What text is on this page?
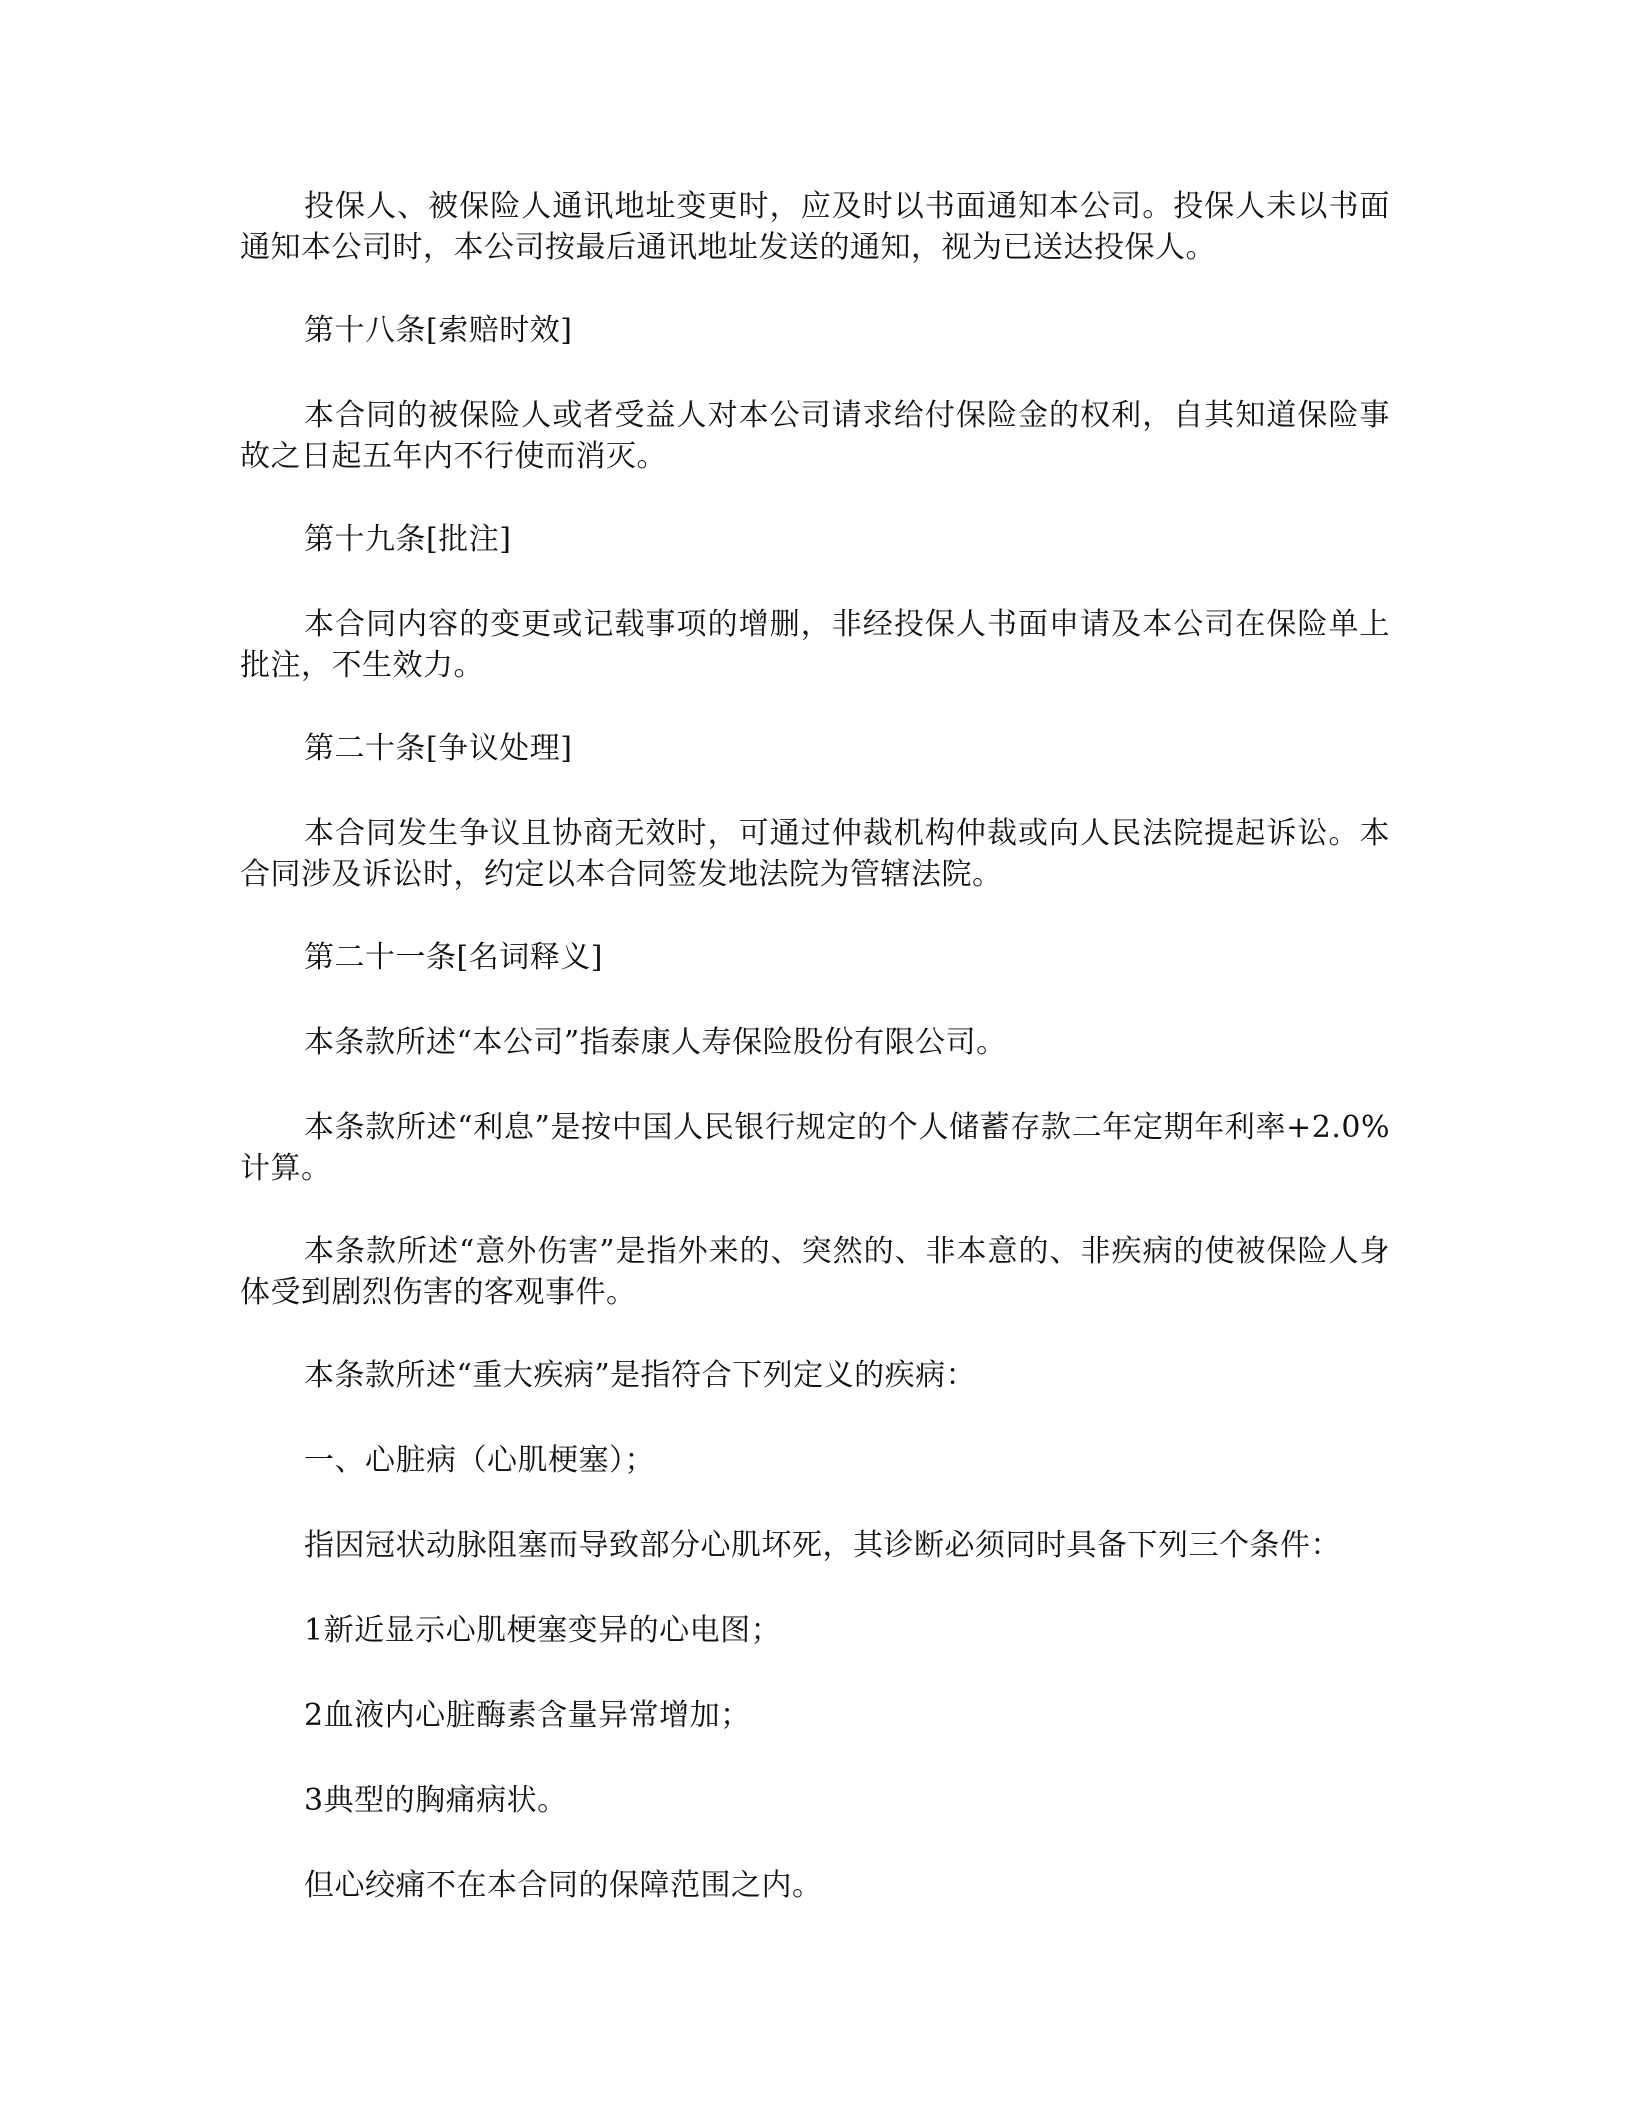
投保人、被保险人通讯地址变更时，应及时以书面通知本公司。投保人未以书面通知本公司时，本公司按最后通讯地址发送的通知，视为已送达投保人。

第十八条[索赔时效]

本合同的被保险人或者受益人对本公司请求给付保险金的权利，自其知道保险事故之日起五年内不行使而消灭。

第十九条[批注]

本合同内容的变更或记载事项的增删，非经投保人书面申请及本公司在保险单上批注，不生效力。

第二十条[争议处理]

本合同发生争议且协商无效时，可通过仲裁机构仲裁或向人民法院提起诉讼。本合同涉及诉讼时，约定以本合同签发地法院为管辖法院。

第二十一条[名词释义]

本条款所述“本公司”指泰康人寿保险股份有限公司。

本条款所述“利息”是按中国人民银行规定的个人储蓄存款二年定期年利率+2.0%计算。

本条款所述“意外伤害”是指外来的、突然的、非本意的、非疾病的使被保险人身体受到剧烈伤害的客观事件。

本条款所述“重大疾病”是指符合下列定义的疾病：

一、心脏病（心肌梗塞）；

指因冠状动脉阻塞而导致部分心肌坏死，其诊断必须同时具备下列三个条件：

1新近显示心肌梗塞变异的心电图；

2血液内心脏酶素含量异常增加；

3典型的胸痛病状。

但心绞痛不在本合同的保障范围之内。
